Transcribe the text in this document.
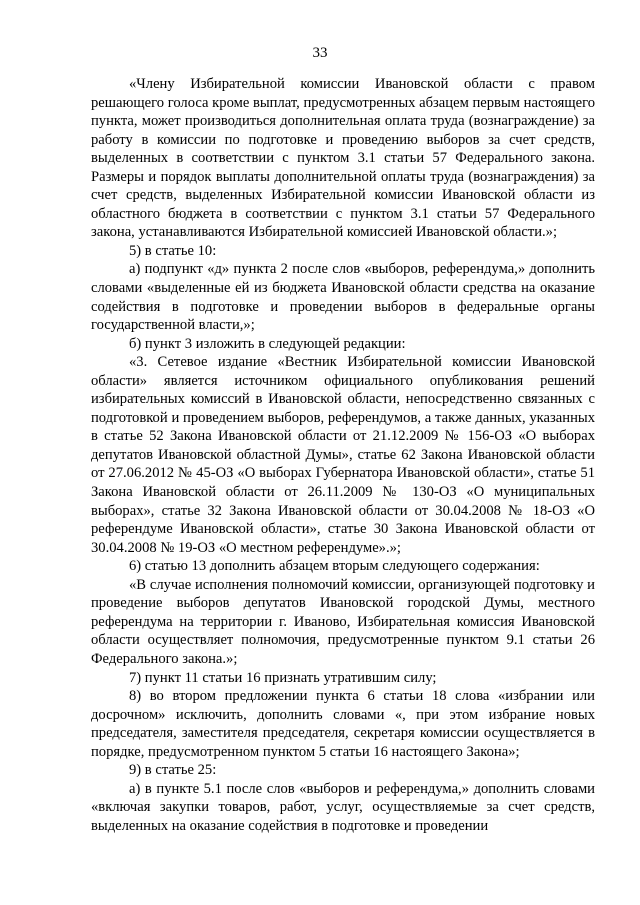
33

«Члену Избирательной комиссии Ивановской области с правом решающего голоса кроме выплат, предусмотренных абзацем первым настоящего пункта, может производиться дополнительная оплата труда (вознаграждение) за работу в комиссии по подготовке и проведению выборов за счет средств, выделенных в соответствии с пунктом 3.1 статьи 57 Федерального закона. Размеры и порядок выплаты дополнительной оплаты труда (вознаграждения) за счет средств, выделенных Избирательной комиссии Ивановской области из областного бюджета в соответствии с пунктом 3.1 статьи 57 Федерального закона, устанавливаются Избирательной комиссией Ивановской области.»;

5) в статье 10:

а) подпункт «д» пункта 2 после слов «выборов, референдума,» дополнить словами «выделенные ей из бюджета Ивановской области средства на оказание содействия в подготовке и проведении выборов в федеральные органы государственной власти,»;

б) пункт 3 изложить в следующей редакции:

«3. Сетевое издание «Вестник Избирательной комиссии Ивановской области» является источником официального опубликования решений избирательных комиссий в Ивановской области, непосредственно связанных с подготовкой и проведением выборов, референдумов, а также данных, указанных в статье 52 Закона Ивановской области от 21.12.2009 № 156-ОЗ «О выборах депутатов Ивановской областной Думы», статье 62 Закона Ивановской области от 27.06.2012 № 45-ОЗ «О выборах Губернатора Ивановской области», статье 51 Закона Ивановской области от 26.11.2009 № 130-ОЗ «О муниципальных выборах», статье 32 Закона Ивановской области от 30.04.2008 № 18-ОЗ «О референдуме Ивановской области», статье 30 Закона Ивановской области от 30.04.2008 № 19-ОЗ «О местном референдуме».»;

6) статью 13 дополнить абзацем вторым следующего содержания:

«В случае исполнения полномочий комиссии, организующей подготовку и проведение выборов депутатов Ивановской городской Думы, местного референдума на территории г. Иваново, Избирательная комиссия Ивановской области осуществляет полномочия, предусмотренные пунктом 9.1 статьи 26 Федерального закона.»;

7) пункт 11 статьи 16 признать утратившим силу;

8) во втором предложении пункта 6 статьи 18 слова «избрании или досрочном» исключить, дополнить словами «, при этом избрание новых председателя, заместителя председателя, секретаря комиссии осуществляется в порядке, предусмотренном пунктом 5 статьи 16 настоящего Закона»;

9) в статье 25:

а) в пункте 5.1 после слов «выборов и референдума,» дополнить словами «включая закупки товаров, работ, услуг, осуществляемые за счет средств, выделенных на оказание содействия в подготовке и проведении
